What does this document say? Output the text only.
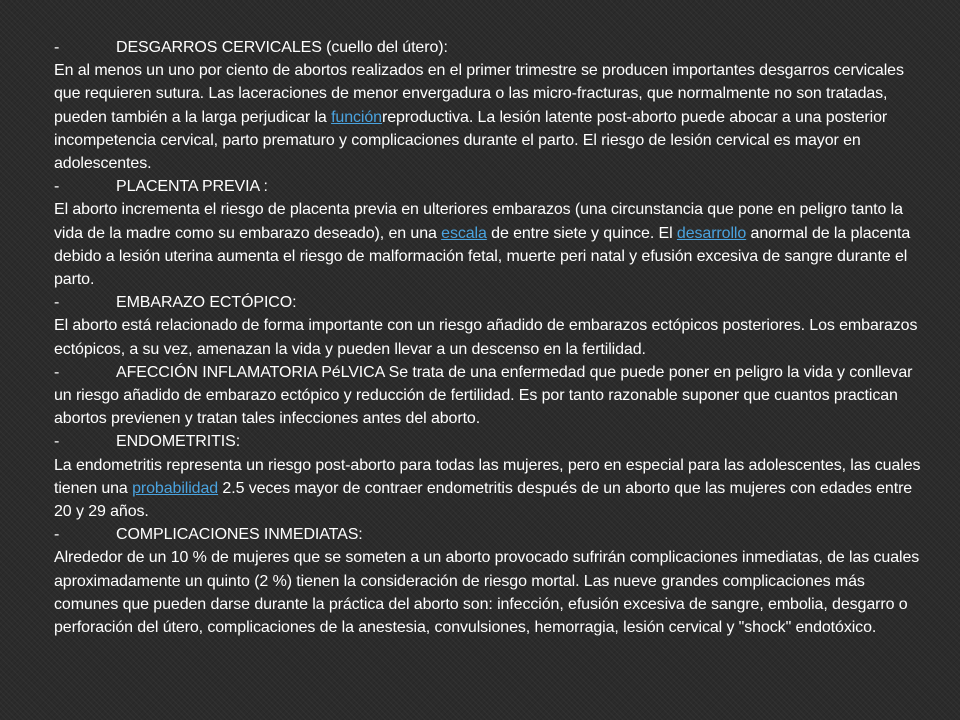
-	DESGARROS CERVICALES (cuello del útero):

En al menos un uno por ciento de abortos realizados en el primer trimestre se producen importantes desgarros cervicales que requieren sutura. Las laceraciones de menor envergadura o las micro-fracturas, que normalmente no son tratadas, pueden también a la larga perjudicar la funciónreproductiva. La lesión latente post-aborto puede abocar a una posterior incompetencia cervical, parto prematuro y complicaciones durante el parto. El riesgo de lesión cervical es mayor en adolescentes.

-	PLACENTA PREVIA :

El aborto incrementa el riesgo de placenta previa en ulteriores embarazos (una circunstancia que pone en peligro tanto la vida de la madre como su embarazo deseado), en una escala de entre siete y quince. El desarrollo anormal de la placenta debido a lesión uterina aumenta el riesgo de malformación fetal, muerte peri natal y efusión excesiva de sangre durante el parto.

-	EMBARAZO ECTÓPICO:

El aborto está relacionado de forma importante con un riesgo añadido de embarazos ectópicos posteriores. Los embarazos ectópicos, a su vez, amenazan la vida y pueden llevar a un descenso en la fertilidad.

-	AFECCIÓN INFLAMATORIA PéLVICA Se trata de una enfermedad que puede poner en peligro la vida y conllevar un riesgo añadido de embarazo ectópico y reducción de fertilidad. Es por tanto razonable suponer que cuantos practican abortos previenen y tratan tales infecciones antes del aborto.

-	ENDOMETRITIS:

La endometritis representa un riesgo post-aborto para todas las mujeres, pero en especial para las adolescentes, las cuales tienen una probabilidad 2.5 veces mayor de contraer endometritis después de un aborto que las mujeres con edades entre 20 y 29 años.

-	COMPLICACIONES INMEDIATAS:

Alrededor de un 10 % de mujeres que se someten a un aborto provocado sufrirán complicaciones inmediatas, de las cuales aproximadamente un quinto (2 %) tienen la consideración de riesgo mortal. Las nueve grandes complicaciones más comunes que pueden darse durante la práctica del aborto son: infección, efusión excesiva de sangre, embolia, desgarro o perforación del útero, complicaciones de la anestesia, convulsiones, hemorragia, lesión cervical y "shock" endotóxico.
